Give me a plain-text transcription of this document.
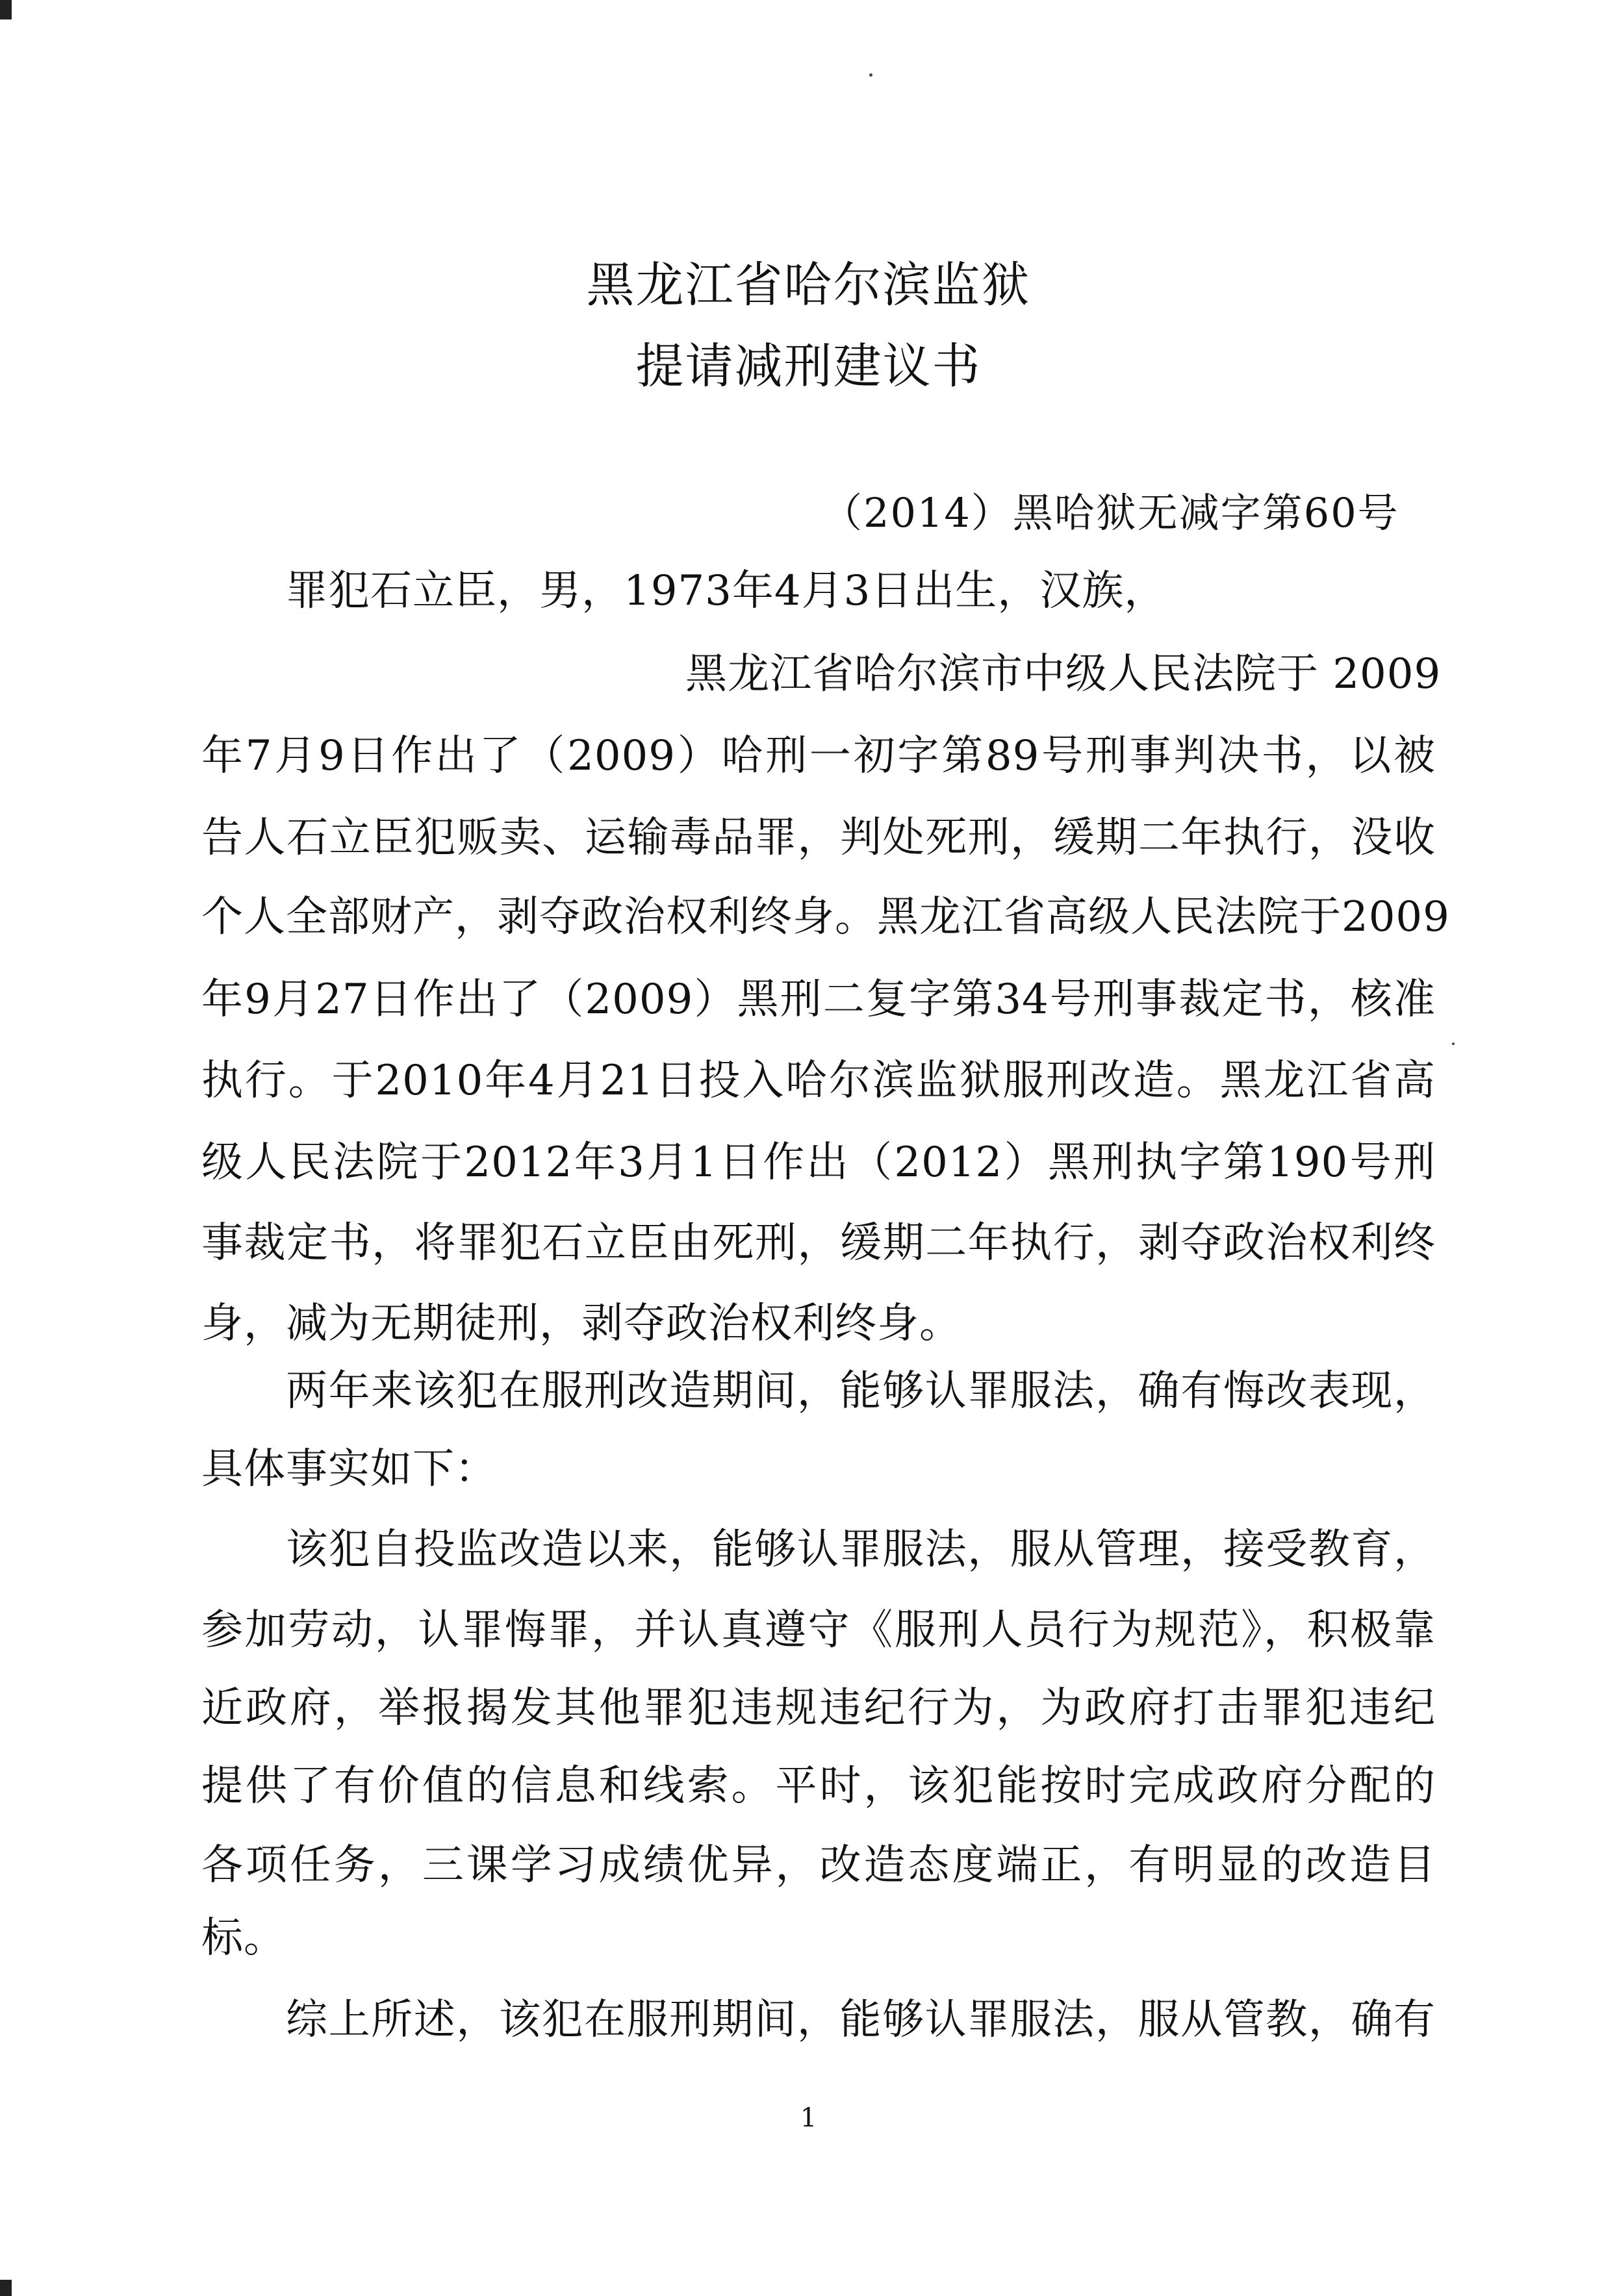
黑龙江省哈尔滨监狱
提请减刑建议书
（2014）黑哈狱无减字第60号
罪犯石立臣，男，1973年4月3日出生，汉族，
黑龙江省哈尔滨市中级人民法院于 2009
年7月9日作出了（2009）哈刑一初字第89号刑事判决书，以被
告人石立臣犯贩卖、运输毒品罪，判处死刑，缓期二年执行，没收
个人全部财产，剥夺政治权利终身。黑龙江省高级人民法院于2009
年9月27日作出了（2009）黑刑二复字第34号刑事裁定书，核准
执行。于2010年4月21日投入哈尔滨监狱服刑改造。黑龙江省高
级人民法院于2012年3月1日作出（2012）黑刑执字第190号刑
事裁定书，将罪犯石立臣由死刑，缓期二年执行，剥夺政治权利终
身，减为无期徒刑，剥夺政治权利终身。
两年来该犯在服刑改造期间，能够认罪服法，确有悔改表现，
具体事实如下：
该犯自投监改造以来，能够认罪服法，服从管理，接受教育，
参加劳动，认罪悔罪，并认真遵守《服刑人员行为规范》，积极靠
近政府，举报揭发其他罪犯违规违纪行为，为政府打击罪犯违纪
提供了有价值的信息和线索。平时，该犯能按时完成政府分配的
各项任务，三课学习成绩优异，改造态度端正，有明显的改造目
标。
综上所述，该犯在服刑期间，能够认罪服法，服从管教，确有
1
